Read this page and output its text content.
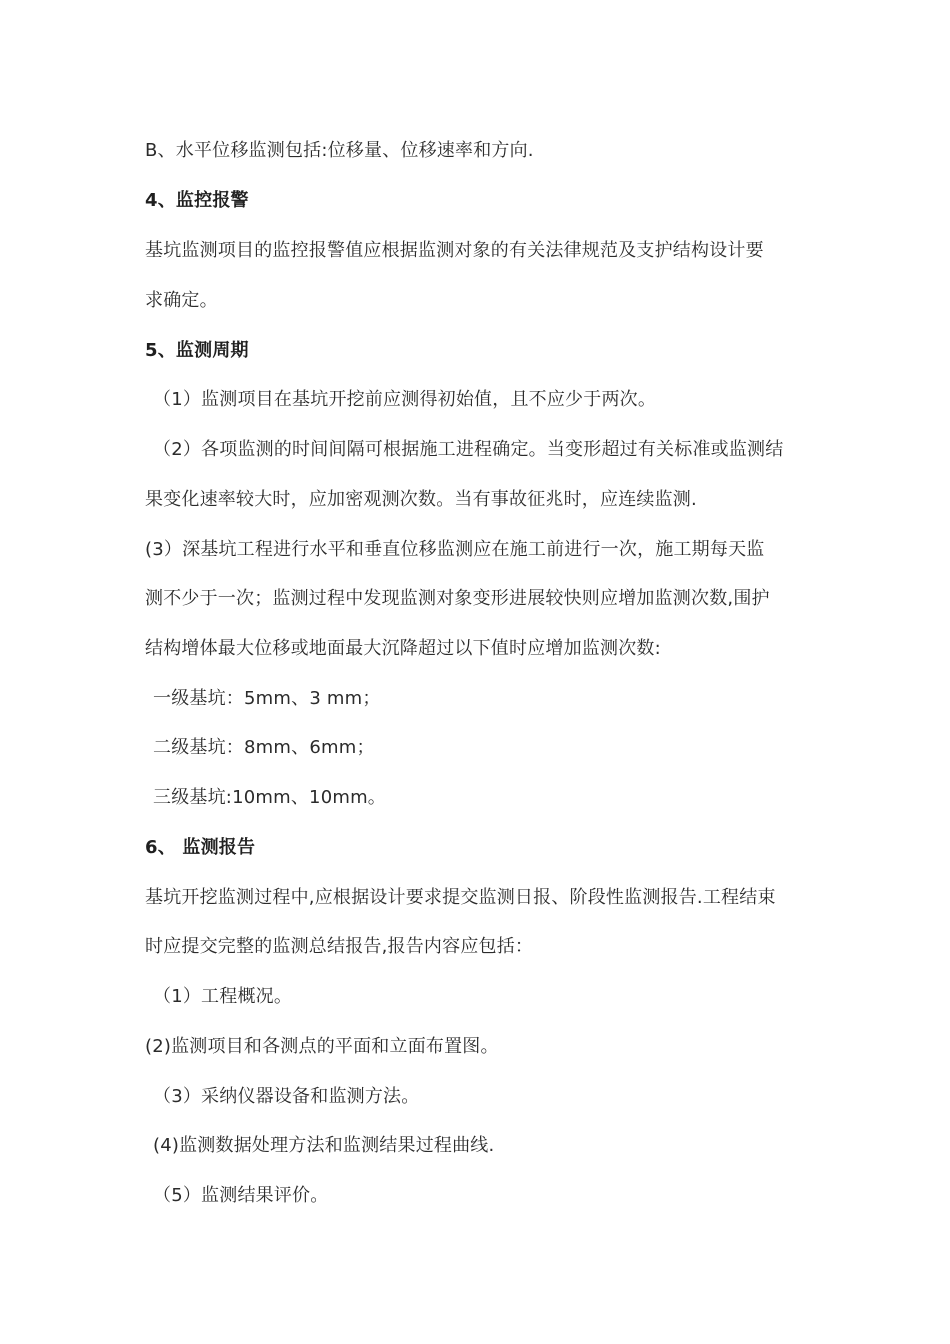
B、水平位移监测包括:位移量、位移速率和方向.
4、监控报警
基坑监测项目的监控报警值应根据监测对象的有关法律规范及支护结构设计要
求确定。
5、监测周期
（1）监测项目在基坑开挖前应测得初始值，且不应少于两次。
（2）各项监测的时间间隔可根据施工进程确定。当变形超过有关标准或监测结
果变化速率较大时，应加密观测次数。当有事故征兆时，应连续监测.
(3）深基坑工程进行水平和垂直位移监测应在施工前进行一次，施工期每天监
测不少于一次；监测过程中发现监测对象变形进展较快则应增加监测次数,围护
结构增体最大位移或地面最大沉降超过以下值时应增加监测次数:
一级基坑：5mm、3 mm；
二级基坑：8mm、6mm；
三级基坑:10mm、10mm。
6、 监测报告
基坑开挖监测过程中,应根据设计要求提交监测日报、阶段性监测报告.工程结束
时应提交完整的监测总结报告,报告内容应包括：
（1）工程概况。
(2)监测项目和各测点的平面和立面布置图。
（3）采纳仪器设备和监测方法。
(4)监测数据处理方法和监测结果过程曲线.
（5）监测结果评价。
